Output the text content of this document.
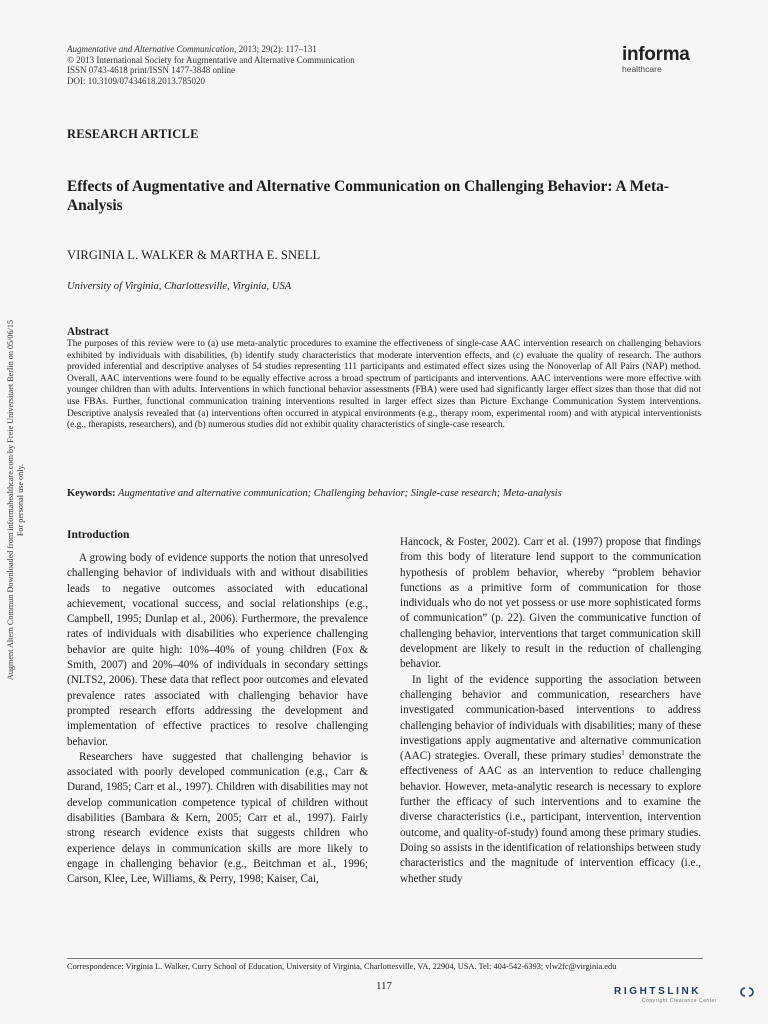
Augment Altern Commun Downloaded from informahealthcare.com by Freie Universitaet Berlin on 05/06/15 For personal use only.
Augmentative and Alternative Communication, 2013; 29(2): 117–131
© 2013 International Society for Augmentative and Alternative Communication
ISSN 0743-4618 print/ISSN 1477-3848 online
DOI: 10.3109/07434618.2013.785020
informa
healthcare
RESEARCH ARTICLE
Effects of Augmentative and Alternative Communication on Challenging Behavior: A Meta-Analysis
VIRGINIA L. WALKER & MARTHA E. SNELL
University of Virginia, Charlottesville, Virginia, USA
Abstract
The purposes of this review were to (a) use meta-analytic procedures to examine the effectiveness of single-case AAC intervention research on challenging behaviors exhibited by individuals with disabilities, (b) identify study characteristics that moderate intervention effects, and (c) evaluate the quality of research. The authors provided inferential and descriptive analyses of 54 studies representing 111 participants and estimated effect sizes using the Nonoverlap of All Pairs (NAP) method. Overall, AAC interventions were found to be equally effective across a broad spectrum of participants and interventions. AAC interventions were more effective with younger children than with adults. Interventions in which functional behavior assessments (FBA) were used had significantly larger effect sizes than those that did not use FBAs. Further, functional communication training interventions resulted in larger effect sizes than Picture Exchange Communication System interventions. Descriptive analysis revealed that (a) interventions often occurred in atypical environments (e.g., therapy room, experimental room) and with atypical interventionists (e.g., therapists, researchers), and (b) numerous studies did not exhibit quality characteristics of single-case research.
Keywords: Augmentative and alternative communication; Challenging behavior; Single-case research; Meta-analysis
Introduction

A growing body of evidence supports the notion that unresolved challenging behavior of individuals with and without disabilities leads to negative outcomes associated with educational achievement, vocational success, and social relationships (e.g., Campbell, 1995; Dunlap et al., 2006). Furthermore, the prevalence rates of individuals with disabilities who experience challenging behavior are quite high: 10%–40% of young children (Fox & Smith, 2007) and 20%–40% of individuals in secondary settings (NLTS2, 2006). These data that reflect poor outcomes and elevated prevalence rates associated with challenging behavior have prompted research efforts addressing the development and implementation of effective practices to resolve challenging behavior.

Researchers have suggested that challenging behavior is associated with poorly developed communication (e.g., Carr & Durand, 1985; Carr et al., 1997). Children with disabilities may not develop communication competence typical of children without disabilities (Bambara & Kern, 2005; Carr et al., 1997). Fairly strong research evidence exists that suggests children who experience delays in communication skills are more likely to engage in challenging behavior (e.g., Beitchman et al., 1996; Carson, Klee, Lee, Williams, & Perry, 1998; Kaiser, Cai,

Hancock, & Foster, 2002). Carr et al. (1997) propose that findings from this body of literature lend support to the communication hypothesis of problem behavior, whereby “problem behavior functions as a primitive form of communication for those individuals who do not yet possess or use more sophisticated forms of communication” (p. 22). Given the communicative function of challenging behavior, interventions that target communication skill development are likely to result in the reduction of challenging behavior.

In light of the evidence supporting the association between challenging behavior and communication, researchers have investigated communication-based interventions to address challenging behavior of individuals with disabilities; many of these investigations apply augmentative and alternative communication (AAC) strategies. Overall, these primary studies$^1$ demonstrate the effectiveness of AAC as an intervention to reduce challenging behavior. However, meta-analytic research is necessary to explore further the efficacy of such interventions and to examine the diverse characteristics (i.e., participant, intervention, intervention outcome, and quality-of-study) found among these primary studies. Doing so assists in the identification of relationships between study characteristics and the magnitude of intervention efficacy (i.e., whether study

Correspondence: Virginia L. Walker, Curry School of Education, University of Virginia, Charlottesville, VA, 22904, USA. Tel: 404-542-6393; vlw2fc@virginia.edu
117	RIGHTSLINK
Copyright Clearance Center
